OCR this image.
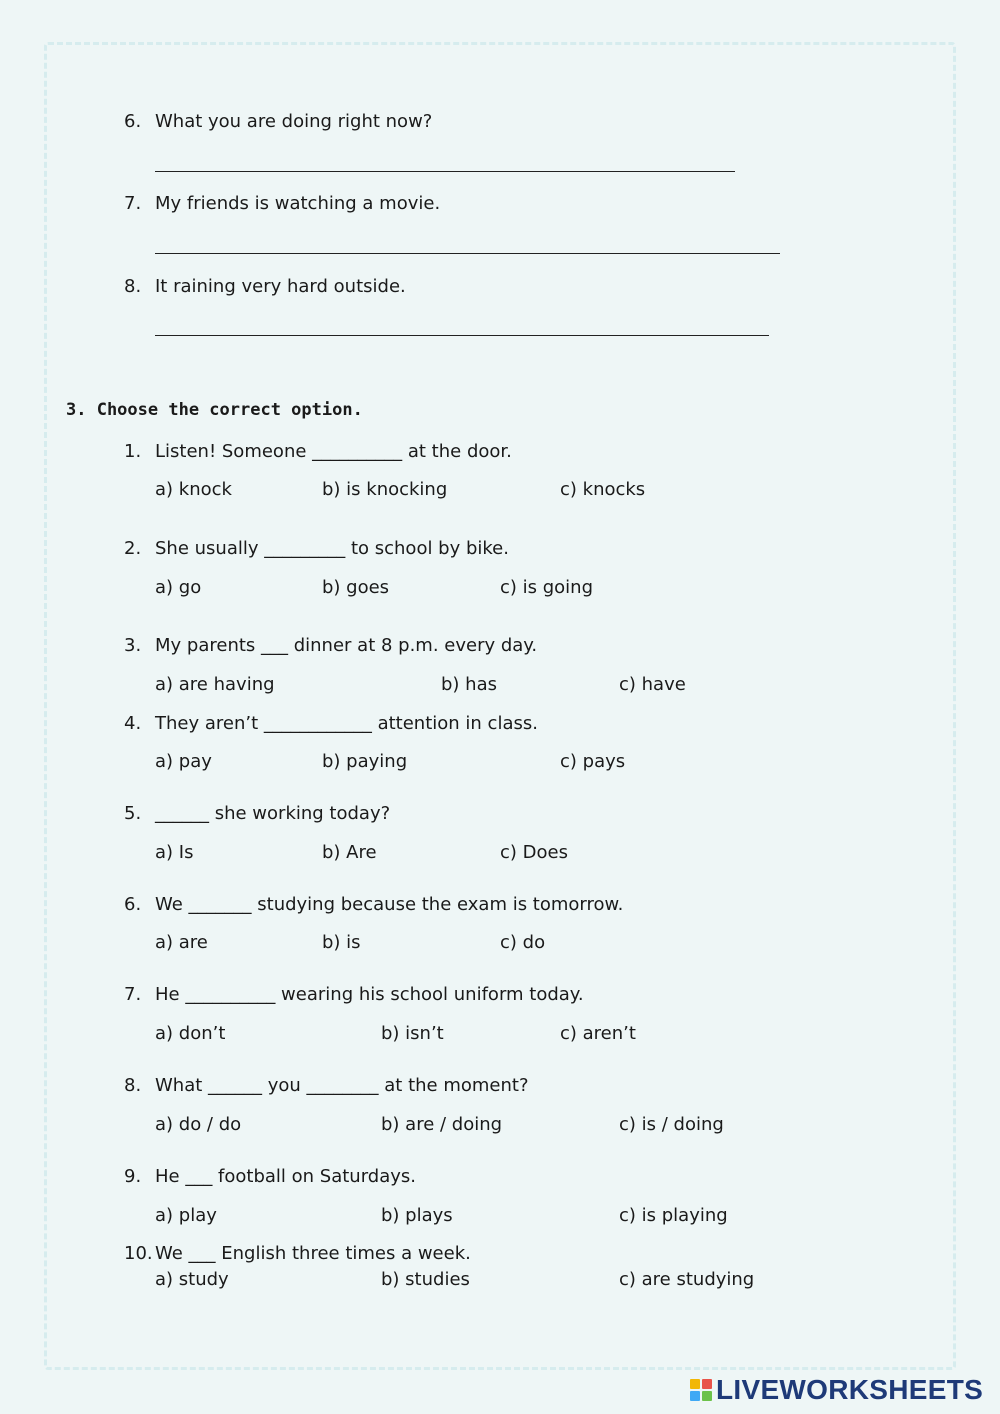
6. What you are doing right now?
7. My friends is watching a movie.
8. It raining very hard outside.
3. Choose the correct option.
1. Listen! Someone __________ at the door.
a) knock	b) is knocking	c) knocks
2. She usually _________ to school by bike.
a) go	b) goes	c) is going
3. My parents ___ dinner at 8 p.m. every day.
a) are having	b) has	c) have
4. They aren’t ____________ attention in class.
a) pay	b) paying	c) pays
5. ______ she working today?
a) Is	b) Are	c) Does
6. We _______ studying because the exam is tomorrow.
a) are	b) is	c) do
7. He __________ wearing his school uniform today.
a) don’t	b) isn’t	c) aren’t
8. What ______ you ________ at the moment?
a) do / do	b) are / doing	c) is / doing
9. He ___ football on Saturdays.
a) play	b) plays	c) is playing
10. We ___ English three times a week.
a) study	b) studies	c) are studying
LIVEWORKSHEETS
